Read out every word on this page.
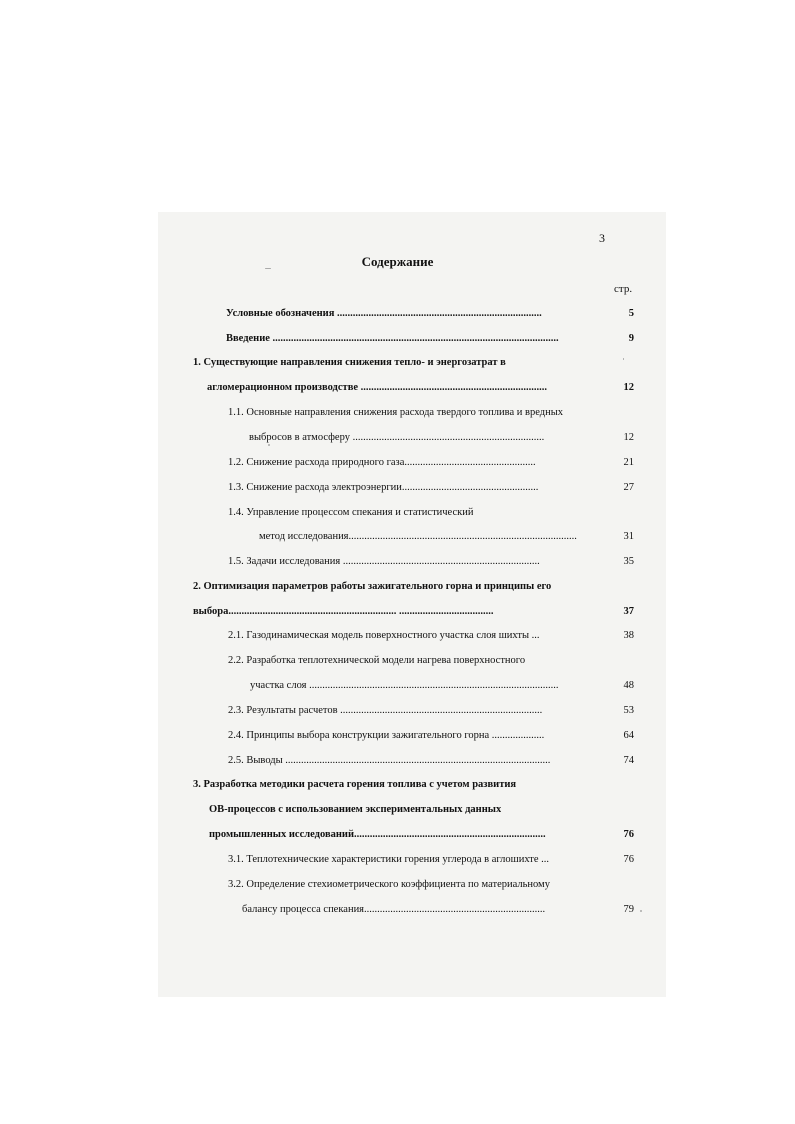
3
Содержание
стр.
Условные обозначения ..............................................................................	5
Введение .............................................................................................................	9
1. Существующие направления снижения тепло- и энергозатрат в
агломерационном производстве .......................................................................	12
1.1. Основные направления снижения расхода твердого топлива и вредных
выбросов в атмосферу .........................................................................	12
1.2. Снижение расхода природного газа..................................................	21
1.3. Снижение расхода электроэнергии....................................................	27
1.4. Управление процессом спекания и статистический
метод исследования.......................................................................................	31
1.5. Задачи исследования ...........................................................................	35
2. Оптимизация параметров работы зажигательного горна и принципы его
выбора................................................................ ....................................	37
2.1. Газодинамическая модель поверхностного участка слоя шихты ...	38
2.2. Разработка теплотехнической модели нагрева поверхностного
участка слоя ...............................................................................................	48
2.3. Результаты расчетов .............................................................................	53
2.4. Принципы выбора конструкции зажигательного горна ....................	64
2.5. Выводы .....................................................................................................	74
3. Разработка методики расчета горения топлива с учетом развития
ОВ-процессов с использованием экспериментальных данных
промышленных исследований.........................................................................	76
3.1. Теплотехнические характеристики горения углерода в аглошихте ...	76
3.2. Определение стехиометрического коэффициента по материальному
балансу процесса спекания.....................................................................	79
